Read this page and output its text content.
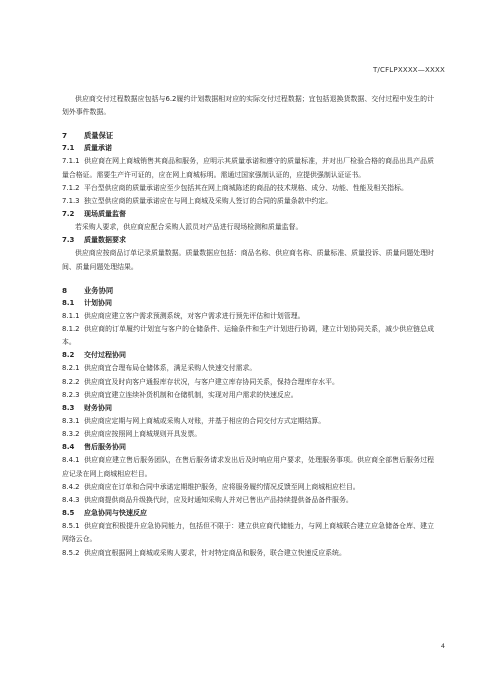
T/CFLPXXXX—XXXX

供应商交付过程数据应包括与6.2履约计划数据相对应的实际交付过程数据；宜包括退换货数据、交付过程中发生的计划外事件数据。

7 质量保证

7.1 质量承诺

7.1.1 供应商在网上商城销售其商品和服务，应明示其质量承诺和遵守的质量标准，并对出厂检验合格的商品出具产品质量合格证。需要生产许可证的，应在网上商城标明。需通过国家强制认证的，应提供强制认证证书。

7.1.2 平台型供应商的质量承诺应至少包括其在网上商城陈述的商品的技术规格、成分、功能、性能及相关指标。

7.1.3 独立型供应商的质量承诺应在与网上商城及采购人签订的合同的质量条款中约定。

7.2 现场质量监督

若采购人要求，供应商应配合采购人派员对产品进行现场检测和质量监督。

7.3 质量数据要求

供应商应按商品订单记录质量数据。质量数据应包括：商品名称、供应商名称、质量标准、质量投诉、质量问题处理时间、质量问题处理结果。

8 业务协同

8.1 计划协同

8.1.1 供应商应建立客户需求预测系统，对客户需求进行预先评估和计划管理。

8.1.2 供应商的订单履约计划宜与客户的仓储条件、运输条件和生产计划进行协调，建立计划协同关系，减少供应链总成本。

8.2 交付过程协同

8.2.1 供应商宜合理布局仓储体系，满足采购人快速交付需求。

8.2.2 供应商宜及时向客户通报库存状况，与客户建立库存协同关系，保持合理库存水平。

8.2.3 供应商宜建立连续补货机制和仓储机制，实现对用户需求的快速反应。

8.3 财务协同

8.3.1 供应商应定期与网上商城或采购人对账，并基于相应的合同交付方式定期结算。

8.3.2 供应商应按照网上商城规则开具发票。

8.4 售后服务协同

8.4.1 供应商应建立售后服务团队，在售后服务请求发出后及时响应用户要求，处理服务事项。供应商全部售后服务过程应记录在网上商城相应栏目。

8.4.2 供应商应在订单和合同中承诺定期维护服务，应将服务履约情况反馈至网上商城相应栏目。

8.4.3 供应商提供商品升级换代时，应及时通知采购人并对已售出产品持续提供备品备件服务。

8.5 应急协同与快速反应

8.5.1 供应商宜积极提升应急协同能力，包括但不限于：建立供应商代储能力，与网上商城联合建立应急储备仓库、建立网络云仓。

8.5.2 供应商宜根据网上商城或采购人要求，针对特定商品和服务，联合建立快速反应系统。

4
